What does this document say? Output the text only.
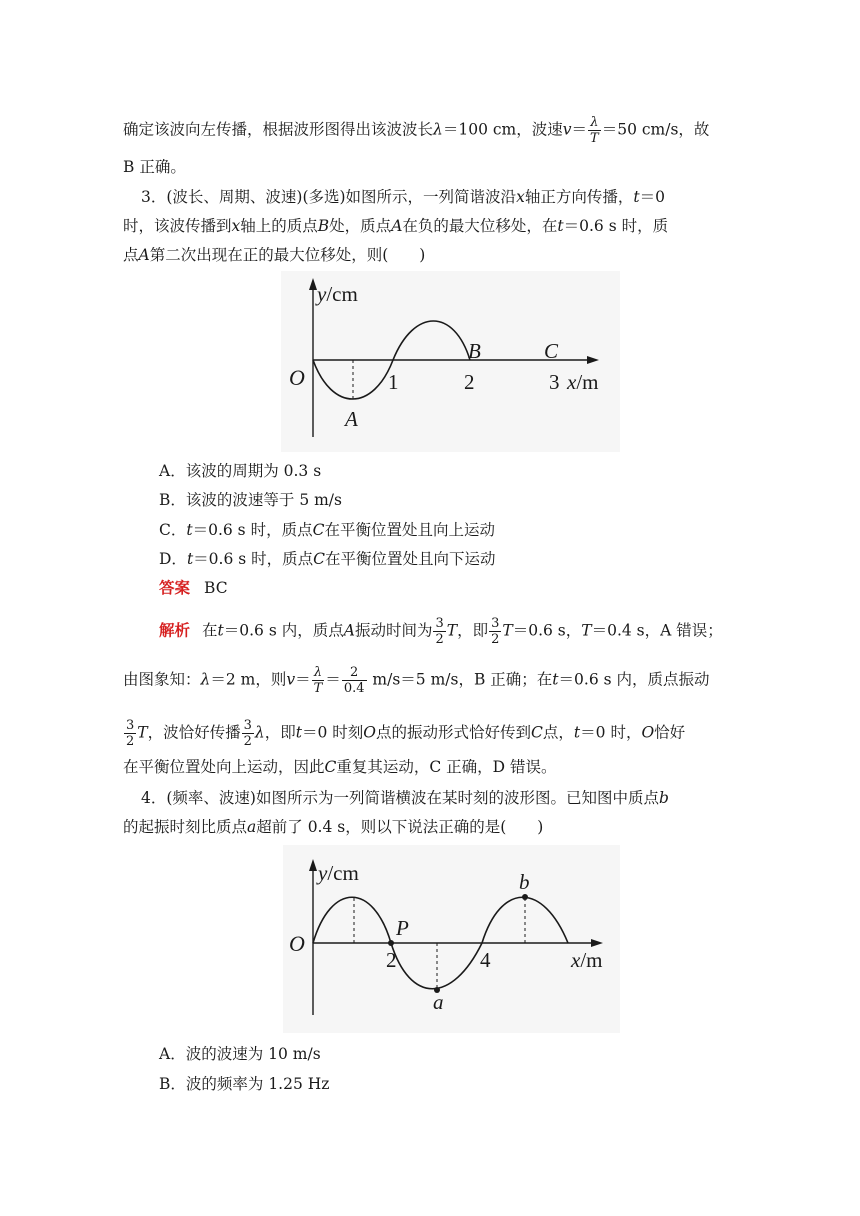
确定该波向左传播，根据波形图得出该波波长λ＝100 cm，波速$v= \frac{\lambda}{T} =50$ cm/s，故
B 正确。
3．(波长、周期、波速)(多选)如图所示，一列简谐波沿x轴正方向传播，t＝0
时，该波传播到x轴上的质点B处，质点A在负的最大位移处，在t＝0.6 s 时，质
点A第二次出现在正的最大位移处，则(　　)
y/cm
O	1	2	3 x/m
A
B	C
A．该波的周期为 0.3 s
B．该波的波速等于 5 m/s
C．t＝0.6 s 时，质点C在平衡位置处且向上运动
D．t＝0.6 s 时，质点C在平衡位置处且向下运动
答案 BC
解析 在t＝0.6 s 内，质点A振动时间为 $\frac{3}{2}$ T，即 $\frac{3}{2} T=0.6$ s，T＝0.4 s，A 错误；
由图象知：λ＝2 m，则$v= \frac{\lambda}{T} = \frac{2}{0.4} m/s=5$ m/s，B 正确；在t＝0.6 s 内，质点振动
$\frac{3}{2}$ T，波恰好传播 $\frac{3}{2}$ λ，即t＝0 时刻O点的振动形式恰好传到C点，t＝0 时，O恰好
在平衡位置处向上运动，因此C重复其运动，C 正确，D 错误。
4．(频率、波速)如图所示为一列简谐横波在某时刻的波形图。已知图中质点b
的起振时刻比质点a超前了 0.4 s，则以下说法正确的是(　　)
y/cm
O
P
2	4	x/m
a
b
A．波的波速为 10 m/s
B．波的频率为 1.25 Hz
